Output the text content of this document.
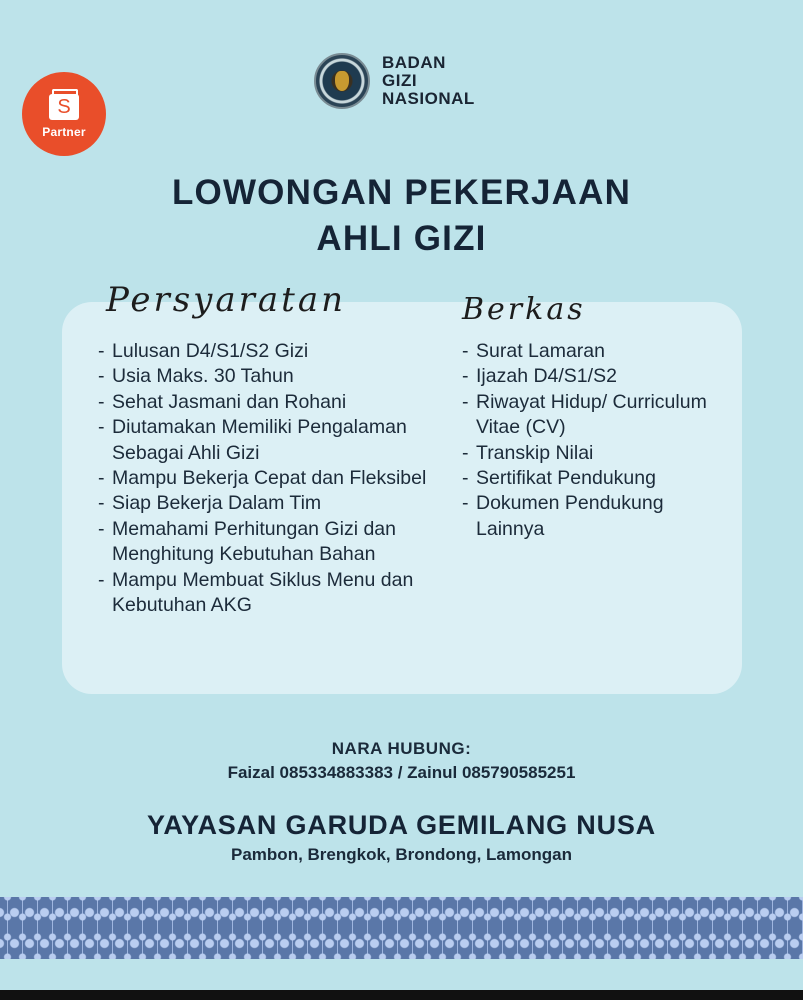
S
Partner
BADAN
GIZI
NASIONAL
LOWONGAN PEKERJAAN
AHLI GIZI
Persyaratan	Berkas
- Lulusan D4/S1/S2 Gizi
- Usia Maks. 30 Tahun
- Sehat Jasmani dan Rohani
- Diutamakan Memiliki Pengalaman Sebagai Ahli Gizi
- Mampu Bekerja Cepat dan Fleksibel
- Siap Bekerja Dalam Tim
- Memahami Perhitungan Gizi dan Menghitung Kebutuhan Bahan
- Mampu Membuat Siklus Menu dan Kebutuhan AKG
- Surat Lamaran
- Ijazah D4/S1/S2
- Riwayat Hidup/ Curriculum Vitae (CV)
- Transkip Nilai
- Sertifikat Pendukung
- Dokumen Pendukung Lainnya
NARA HUBUNG:
Faizal 085334883383 / Zainul 085790585251
YAYASAN GARUDA GEMILANG NUSA
Pambon, Brengkok, Brondong, Lamongan
